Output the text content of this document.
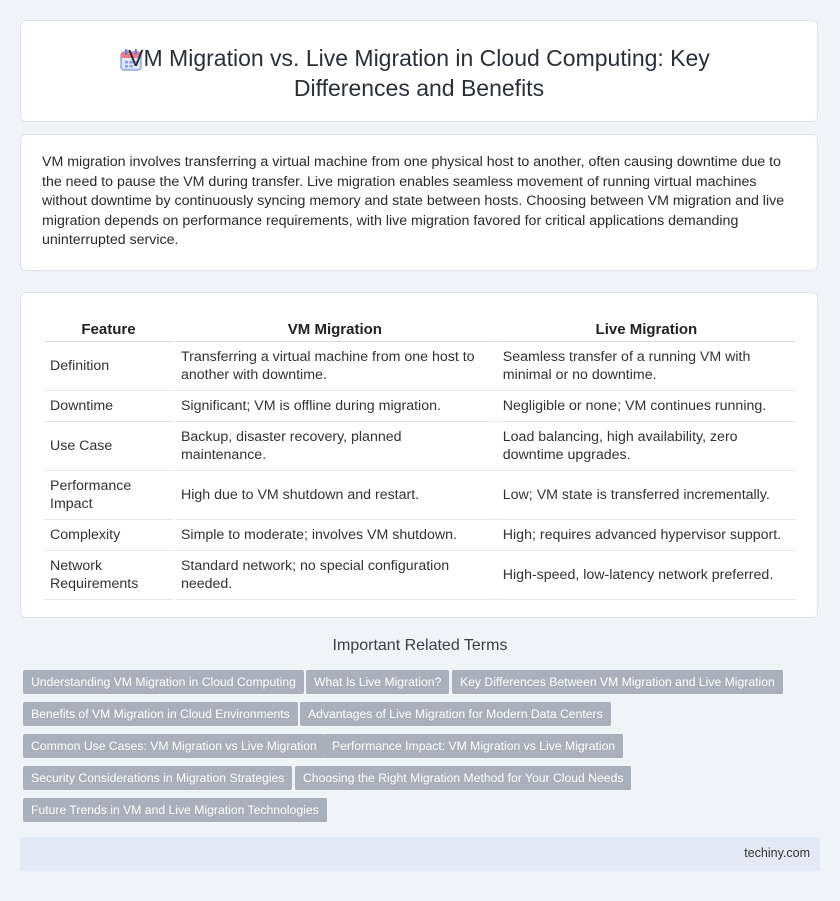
VM Migration vs. Live Migration in Cloud Computing: Key Differences and Benefits

VM migration involves transferring a virtual machine from one physical host to another, often causing downtime due to the need to pause the VM during transfer. Live migration enables seamless movement of running virtual machines without downtime by continuously syncing memory and state between hosts. Choosing between VM migration and live migration depends on performance requirements, with live migration favored for critical applications demanding uninterrupted service.

Feature	VM Migration	Live Migration
Definition	Transferring a virtual machine from one host to another with downtime.	Seamless transfer of a running VM with minimal or no downtime.
Downtime	Significant; VM is offline during migration.	Negligible or none; VM continues running.
Use Case	Backup, disaster recovery, planned maintenance.	Load balancing, high availability, zero downtime upgrades.
Performance Impact	High due to VM shutdown and restart.	Low; VM state is transferred incrementally.
Complexity	Simple to moderate; involves VM shutdown.	High; requires advanced hypervisor support.
Network Requirements	Standard network; no special configuration needed.	High-speed, low-latency network preferred.
Important Related Terms
Understanding VM Migration in Cloud Computing	What Is Live Migration?	Key Differences Between VM Migration and Live Migration
Benefits of VM Migration in Cloud Environments	Advantages of Live Migration for Modern Data Centers
Common Use Cases: VM Migration vs Live Migration	Performance Impact: VM Migration vs Live Migration
Security Considerations in Migration Strategies	Choosing the Right Migration Method for Your Cloud Needs
Future Trends in VM and Live Migration Technologies
techiny.com
